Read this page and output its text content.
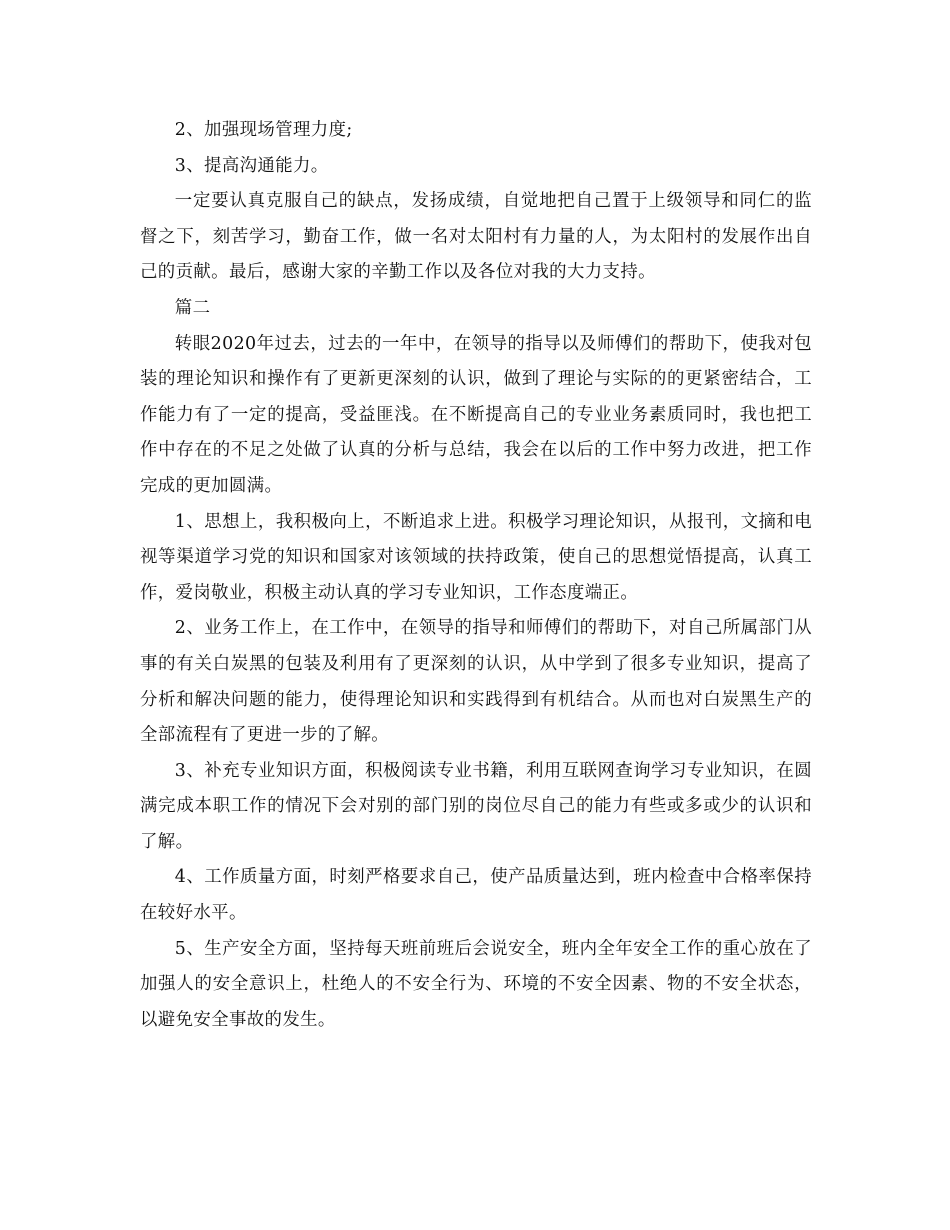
2、加强现场管理力度;

3、提高沟通能力。

一定要认真克服自己的缺点，发扬成绩，自觉地把自己置于上级领导和同仁的监督之下，刻苦学习，勤奋工作，做一名对太阳村有力量的人，为太阳村的发展作出自己的贡献。最后，感谢大家的辛勤工作以及各位对我的大力支持。

篇二

转眼2020年过去，过去的一年中，在领导的指导以及师傅们的帮助下，使我对包装的理论知识和操作有了更新更深刻的认识，做到了理论与实际的的更紧密结合，工作能力有了一定的提高，受益匪浅。在不断提高自己的专业业务素质同时，我也把工作中存在的不足之处做了认真的分析与总结，我会在以后的工作中努力改进，把工作完成的更加圆满。

1、思想上，我积极向上，不断追求上进。积极学习理论知识，从报刊，文摘和电视等渠道学习党的知识和国家对该领域的扶持政策，使自己的思想觉悟提高，认真工作，爱岗敬业，积极主动认真的学习专业知识，工作态度端正。

2、业务工作上，在工作中，在领导的指导和师傅们的帮助下，对自己所属部门从事的有关白炭黑的包装及利用有了更深刻的认识，从中学到了很多专业知识，提高了分析和解决问题的能力，使得理论知识和实践得到有机结合。从而也对白炭黑生产的全部流程有了更进一步的了解。

3、补充专业知识方面，积极阅读专业书籍，利用互联网查询学习专业知识，在圆满完成本职工作的情况下会对别的部门别的岗位尽自己的能力有些或多或少的认识和了解。

4、工作质量方面，时刻严格要求自己，使产品质量达到，班内检查中合格率保持在较好水平。

5、生产安全方面，坚持每天班前班后会说安全，班内全年安全工作的重心放在了加强人的安全意识上，杜绝人的不安全行为、环境的不安全因素、物的不安全状态，以避免安全事故的发生。
